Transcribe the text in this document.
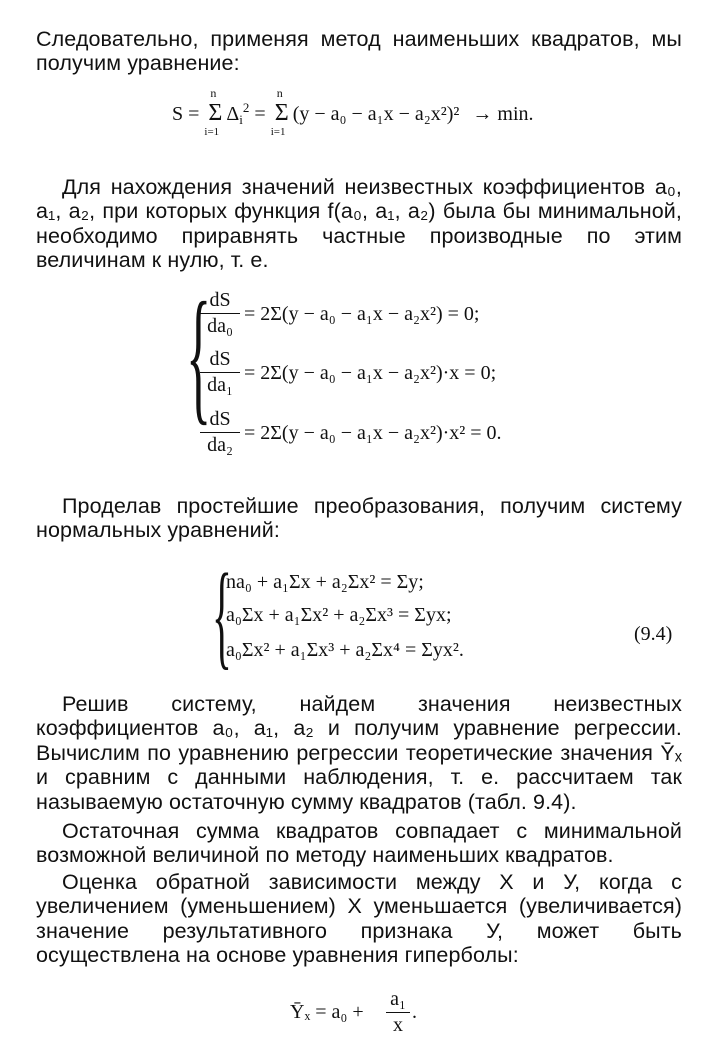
Следовательно, применяя метод наименьших квадратов, мы получим уравнение:
S =
n
Σ
i=1
$\Delta_i^2$ =
n
Σ
i=1
(y − a₀ − a₁x − a₂x²)² → min.
Для нахождения значений неизвестных коэффициентов a₀, a₁, a₂, при которых функция f(a₀, a₁, a₂) была бы минимальной, необходимо приравнять частные производные по этим величинам к нулю, т. е.
{
dS
da₀
= 2Σ(y − a₀ − a₁x − a₂x²) = 0;
dS
da₁
= 2Σ(y − a₀ − a₁x − a₂x²)·x = 0;
dS
da₂
= 2Σ(y − a₀ − a₁x − a₂x²)·x² = 0.
Проделав простейшие преобразования, получим систему нормальных уравнений:
{
na₀ + a₁Σx + a₂Σx² = Σy;
a₀Σx + a₁Σx² + a₂Σx³ = Σyx;
a₀Σx² + a₁Σx³ + a₂Σx⁴ = Σyx².
(9.4)
Решив систему, найдем значения неизвестных коэффициентов a₀, a₁, a₂ и получим уравнение регрессии. Вычислим по уравнению регрессии теоретические значения Ȳₓ и сравним с данными наблюдения, т. е. рассчитаем так называемую остаточную сумму квадратов (табл. 9.4).
Остаточная сумма квадратов совпадает с минимальной возможной величиной по методу наименьших квадратов.
Оценка обратной зависимости между Х и У, когда с увеличением (уменьшением) Х уменьшается (увеличивается) значение результативного признака У, может быть осуществлена на основе уравнения гиперболы:
Ȳₓ = a₀ +
a₁
x
.
